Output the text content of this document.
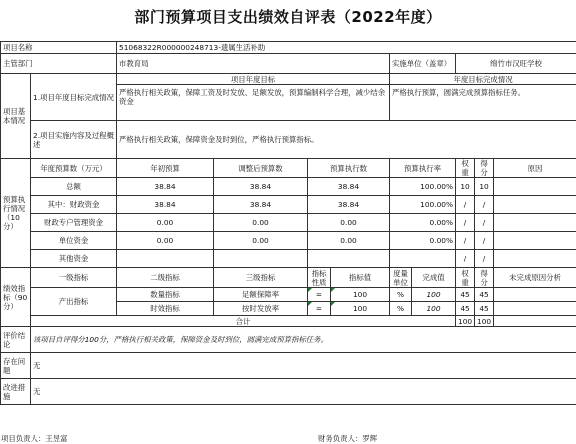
部门预算项目支出绩效自评表（2022年度）
项目名称		51068322R000000248713-遗属生活补助								
主管部门		市教育局				实施单位（盖章）		绵竹市汉旺学校		
项目基本情况	1.项目年度目标完成情况	项目年度目标				年度目标完成情况				
		严格执行相关政策，保障工资及时发放、足额发放，预算编制科学合理，减少结余资金				严格执行预算，圆满完成预算指标任务。				
	2.项目实施内容及过程概述	严格执行相关政策，保障资金及时到位，严格执行预算指标。								

预算执行情况（10分）	年度预算数（万元）	年初预算	调整后预算数	预算执行数		预算执行率		权重	得分	原因
	总额	38.84	38.84	38.84		100.00%		10	10	
	其中：财政资金	38.84	38.84	38.84		100.00%		/	/	
	财政专户管理资金	0.00	0.00	0.00		0.00%		/	/	
	单位资金	0.00	0.00	0.00		0.00%		/	/	
	其他资金							/	/	
绩效指标（90分）	一级指标	二级指标	三级指标	指标性质	指标值	度量单位	完成值	权重	得分	未完成原因分析
	产出指标	数量指标	足额保障率	=	100	%	100	45	45	
		时效指标	按时发放率	=	100	%	100	45	45	
	合计							100	100	
评价结论	该项目自评得分100分，严格执行相关政策，保障资金及时到位，圆满完成预算指标任务。									
存在问题	无									
改进措施	无									
项目负责人：王昱富	财务负责人：罗辉
